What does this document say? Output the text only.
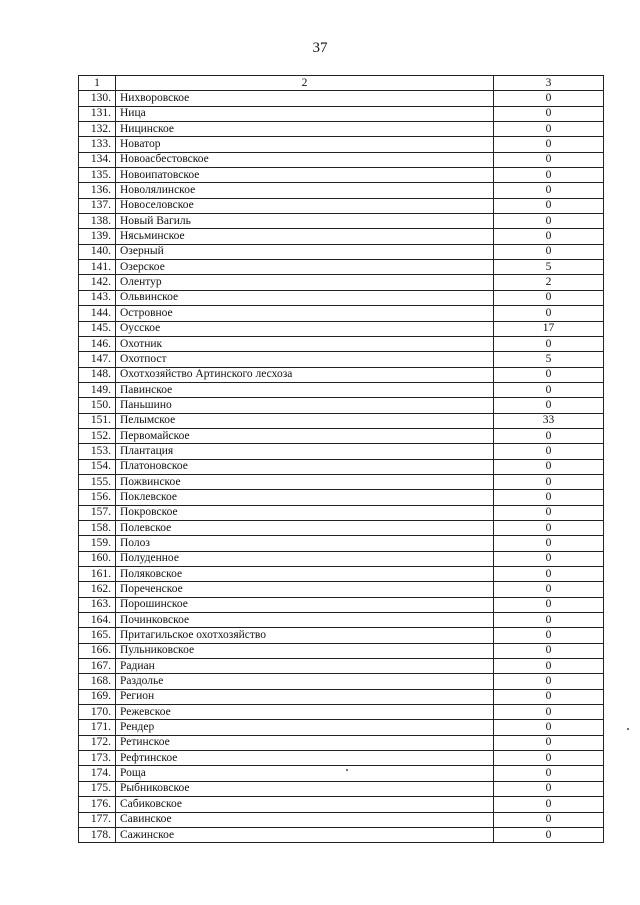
37
1	2	3
130.	Нихворовское	0
131.	Ница	0
132.	Ницинское	0
133.	Новатор	0
134.	Новоасбестовское	0
135.	Новоипатовское	0
136.	Новолялинское	0
137.	Новоселовское	0
138.	Новый Вагиль	0
139.	Нясьминское	0
140.	Озерный	0
141.	Озерское	5
142.	Олентур	2
143.	Ольвинское	0
144.	Островное	0
145.	Оусское	17
146.	Охотник	0
147.	Охотпост	5
148.	Охотхозяйство Артинского лесхоза	0
149.	Павинское	0
150.	Паньшино	0
151.	Пелымское	33
152.	Первомайское	0
153.	Плантация	0
154.	Платоновское	0
155.	Пожвинское	0
156.	Поклевское	0
157.	Покровское	0
158.	Полевское	0
159.	Полоз	0
160.	Полуденное	0
161.	Поляковское	0
162.	Пореченское	0
163.	Порошинское	0
164.	Починковское	0
165.	Притагильское охотхозяйство	0
166.	Пульниковское	0
167.	Радиан	0
168.	Раздолье	0
169.	Регион	0
170.	Режевское	0
171.	Рендер	0
172.	Ретинское	0
173.	Рефтинское	0
174.	Роща	0
175.	Рыбниковское	0
176.	Сабиковское	0
177.	Савинское	0
178.	Сажинское	0
